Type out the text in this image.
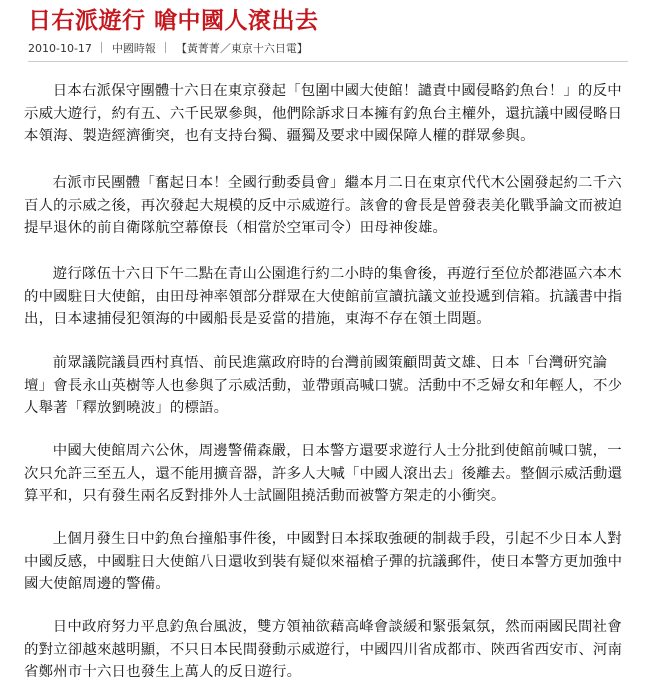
日右派遊行 嗆中國人滾出去
2010-10-17 中國時報 【黃菁菁／東京十六日電】

日本右派保守團體十六日在東京發起「包圍中國大使館！譴責中國侵略釣魚台！」的反中示威大遊行，約有五、六千民眾參與，他們除訴求日本擁有釣魚台主權外，還抗議中國侵略日本領海、製造經濟衝突，也有支持台獨、疆獨及要求中國保障人權的群眾參與。

右派市民團體「奮起日本！全國行動委員會」繼本月二日在東京代代木公園發起約二千六百人的示威之後，再次發起大規模的反中示威遊行。該會的會長是曾發表美化戰爭論文而被迫提早退休的前自衛隊航空幕僚長（相當於空軍司令）田母神俊雄。

遊行隊伍十六日下午二點在青山公園進行約二小時的集會後，再遊行至位於都港區六本木的中國駐日大使館，由田母神率領部分群眾在大使館前宣讀抗議文並投遞到信箱。抗議書中指出，日本逮捕侵犯領海的中國船長是妥當的措施，東海不存在領土問題。

前眾議院議員西村真悟、前民進黨政府時的台灣前國策顧問黃文雄、日本「台灣研究論壇」會長永山英樹等人也參與了示威活動，並帶頭高喊口號。活動中不乏婦女和年輕人，不少人舉著「釋放劉曉波」的標語。

中國大使館周六公休，周邊警備森嚴，日本警方還要求遊行人士分批到使館前喊口號，一次只允許三至五人，還不能用擴音器，許多人大喊「中國人滾出去」後離去。整個示威活動還算平和，只有發生兩名反對排外人士試圖阻撓活動而被警方架走的小衝突。

上個月發生日中釣魚台撞船事件後，中國對日本採取強硬的制裁手段，引起不少日本人對中國反感，中國駐日大使館八日還收到裝有疑似來福槍子彈的抗議郵件，使日本警方更加強中國大使館周邊的警備。

日中政府努力平息釣魚台風波，雙方領袖欲藉高峰會談緩和緊張氣氛，然而兩國民間社會的對立卻越來越明顯，不只日本民間發動示威遊行，中國四川省成都市、陝西省西安市、河南省鄭州市十六日也發生上萬人的反日遊行。
